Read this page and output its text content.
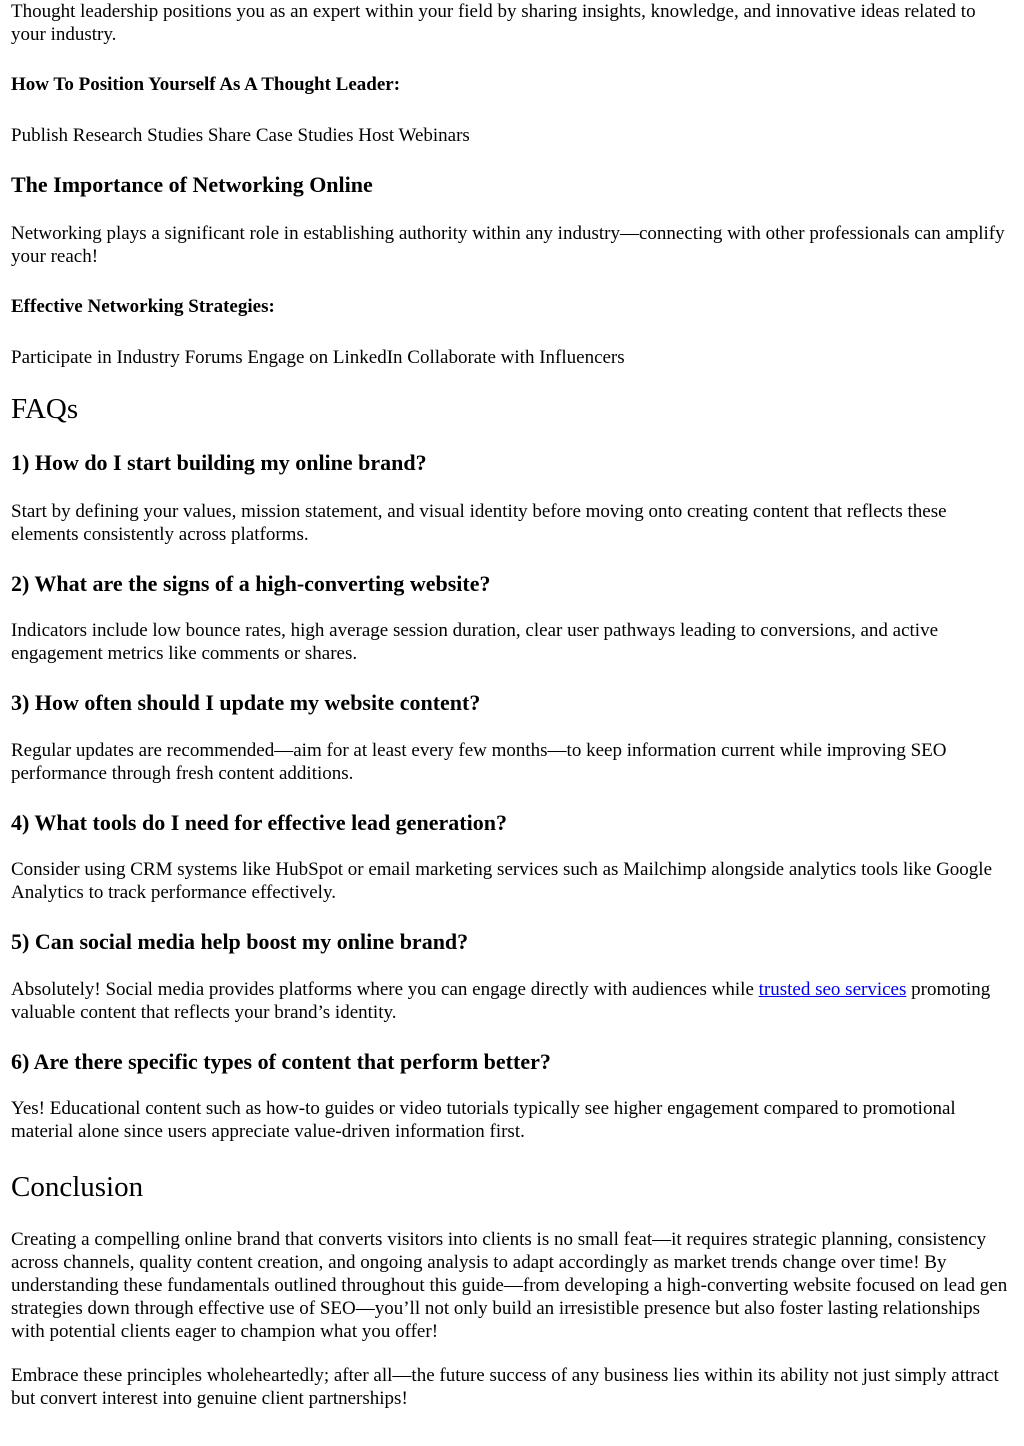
Thought leadership positions you as an expert within your field by sharing insights, knowledge, and innovative ideas related to your industry.

How To Position Yourself As A Thought Leader:

Publish Research Studies Share Case Studies Host Webinars

The Importance of Networking Online

Networking plays a significant role in establishing authority within any industry—connecting with other professionals can amplify your reach!

Effective Networking Strategies:

Participate in Industry Forums Engage on LinkedIn Collaborate with Influencers

FAQs
1) How do I start building my online brand?

Start by defining your values, mission statement, and visual identity before moving onto creating content that reflects these elements consistently across platforms.

2) What are the signs of a high-converting website?

Indicators include low bounce rates, high average session duration, clear user pathways leading to conversions, and active engagement metrics like comments or shares.

3) How often should I update my website content?

Regular updates are recommended—aim for at least every few months—to keep information current while improving SEO performance through fresh content additions.

4) What tools do I need for effective lead generation?

Consider using CRM systems like HubSpot or email marketing services such as Mailchimp alongside analytics tools like Google Analytics to track performance effectively.

5) Can social media help boost my online brand?

Absolutely! Social media provides platforms where you can engage directly with audiences while trusted seo services promoting valuable content that reflects your brand’s identity.

6) Are there specific types of content that perform better?

Yes! Educational content such as how-to guides or video tutorials typically see higher engagement compared to promotional material alone since users appreciate value-driven information first.

Conclusion

Creating a compelling online brand that converts visitors into clients is no small feat—it requires strategic planning, consistency across channels, quality content creation, and ongoing analysis to adapt accordingly as market trends change over time! By understanding these fundamentals outlined throughout this guide—from developing a high-converting website focused on lead gen strategies down through effective use of SEO—you’ll not only build an irresistible presence but also foster lasting relationships with potential clients eager to champion what you offer!

Embrace these principles wholeheartedly; after all—the future success of any business lies within its ability not just simply attract but convert interest into genuine client partnerships!
